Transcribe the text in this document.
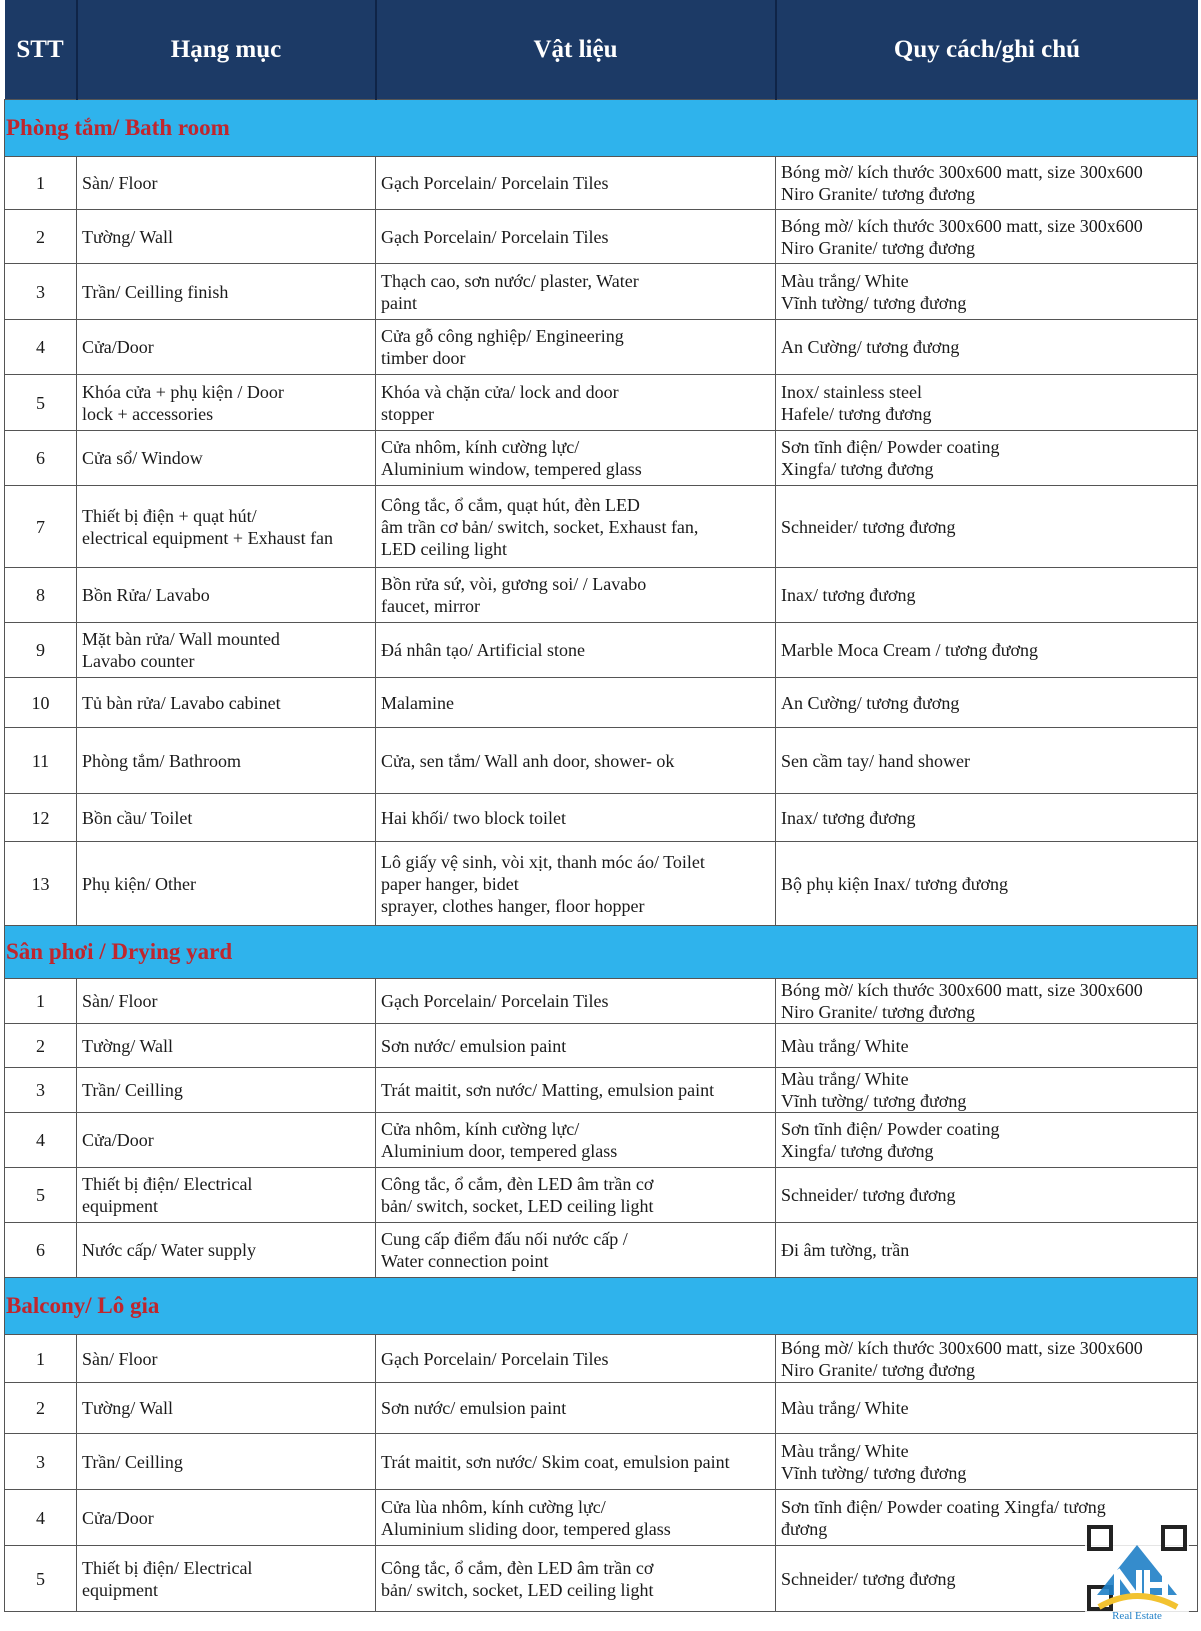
STT	Hạng mục	Vật liệu	Quy cách/ghi chú
Phòng tắm/ Bath room			
1	Sàn/ Floor	Gạch Porcelain/ Porcelain Tiles	Bóng mờ/ kích thước 300x600 matt, size 300x600
Niro Granite/ tương đương

2	Tường/ Wall	Gạch Porcelain/ Porcelain Tiles	Bóng mờ/ kích thước 300x600 matt, size 300x600
Niro Granite/ tương đương

3	Trần/ Ceilling finish	Thạch cao, sơn nước/ plaster, Water
paint	Màu trắng/ White
Vĩnh tường/ tương đương

4	Cửa/Door	Cửa gỗ công nghiệp/ Engineering
timber door	An Cường/ tương đương

5	Khóa cửa + phụ kiện / Door
lock + accessories	Khóa và chặn cửa/ lock and door
stopper	Inox/ stainless steel
Hafele/ tương đương

6	Cửa sổ/ Window	Cửa nhôm, kính cường lực/
Aluminium window, tempered glass	Sơn tĩnh điện/ Powder coating
Xingfa/ tương đương

7	Thiết bị điện + quạt hút/
electrical equipment + Exhaust fan	Công tắc, ổ cắm, quạt hút, đèn LED
âm trần cơ bản/ switch, socket, Exhaust fan,
LED ceiling light	Schneider/ tương đương

8	Bồn Rửa/ Lavabo	Bồn rửa sứ, vòi, gương soi/ / Lavabo
faucet, mirror	Inax/ tương đương

9	Mặt bàn rửa/ Wall mounted
Lavabo counter	Đá nhân tạo/ Artificial stone	Marble Moca Cream / tương đương

10	Tủ bàn rửa/ Lavabo cabinet	Malamine	An Cường/ tương đương

11	Phòng tắm/ Bathroom	Cửa, sen tắm/ Wall anh door, shower- ok	Sen cầm tay/ hand shower

12	Bồn cầu/ Toilet	Hai khối/ two block toilet	Inax/ tương đương

13	Phụ kiện/ Other	Lô giấy vệ sinh, vòi xịt, thanh móc áo/ Toilet
paper hanger, bidet
sprayer, clothes hanger, floor hopper	Bộ phụ kiện Inax/ tương đương

Sân phơi / Drying yard			
1	Sàn/ Floor	Gạch Porcelain/ Porcelain Tiles	Bóng mờ/ kích thước 300x600 matt, size 300x600
Niro Granite/ tương đương

2	Tường/ Wall	Sơn nước/ emulsion paint	Màu trắng/ White

3	Trần/ Ceilling	Trát maitit, sơn nước/ Matting, emulsion paint	Màu trắng/ White
Vĩnh tường/ tương đương

4	Cửa/Door	Cửa nhôm, kính cường lực/
Aluminium door, tempered glass	Sơn tĩnh điện/ Powder coating
Xingfa/ tương đương

5	Thiết bị điện/ Electrical
equipment	Công tắc, ổ cắm, đèn LED âm trần cơ
bản/ switch, socket, LED ceiling light	Schneider/ tương đương

6	Nước cấp/ Water supply	Cung cấp điểm đấu nối nước cấp /
Water connection point	Đi âm tường, trần

Balcony/ Lô gia			
1	Sàn/ Floor	Gạch Porcelain/ Porcelain Tiles	Bóng mờ/ kích thước 300x600 matt, size 300x600
Niro Granite/ tương đương

2	Tường/ Wall	Sơn nước/ emulsion paint	Màu trắng/ White

3	Trần/ Ceilling	Trát maitit, sơn nước/ Skim coat, emulsion paint	Màu trắng/ White
Vĩnh tường/ tương đương

4	Cửa/Door	Cửa lùa nhôm, kính cường lực/
Aluminium sliding door, tempered glass	Sơn tĩnh điện/ Powder coating Xingfa/ tương
đương

5	Thiết bị điện/ Electrical
equipment	Công tắc, ổ cắm, đèn LED âm trần cơ
bản/ switch, socket, LED ceiling light	Schneider/ tương đương
Real Estate
